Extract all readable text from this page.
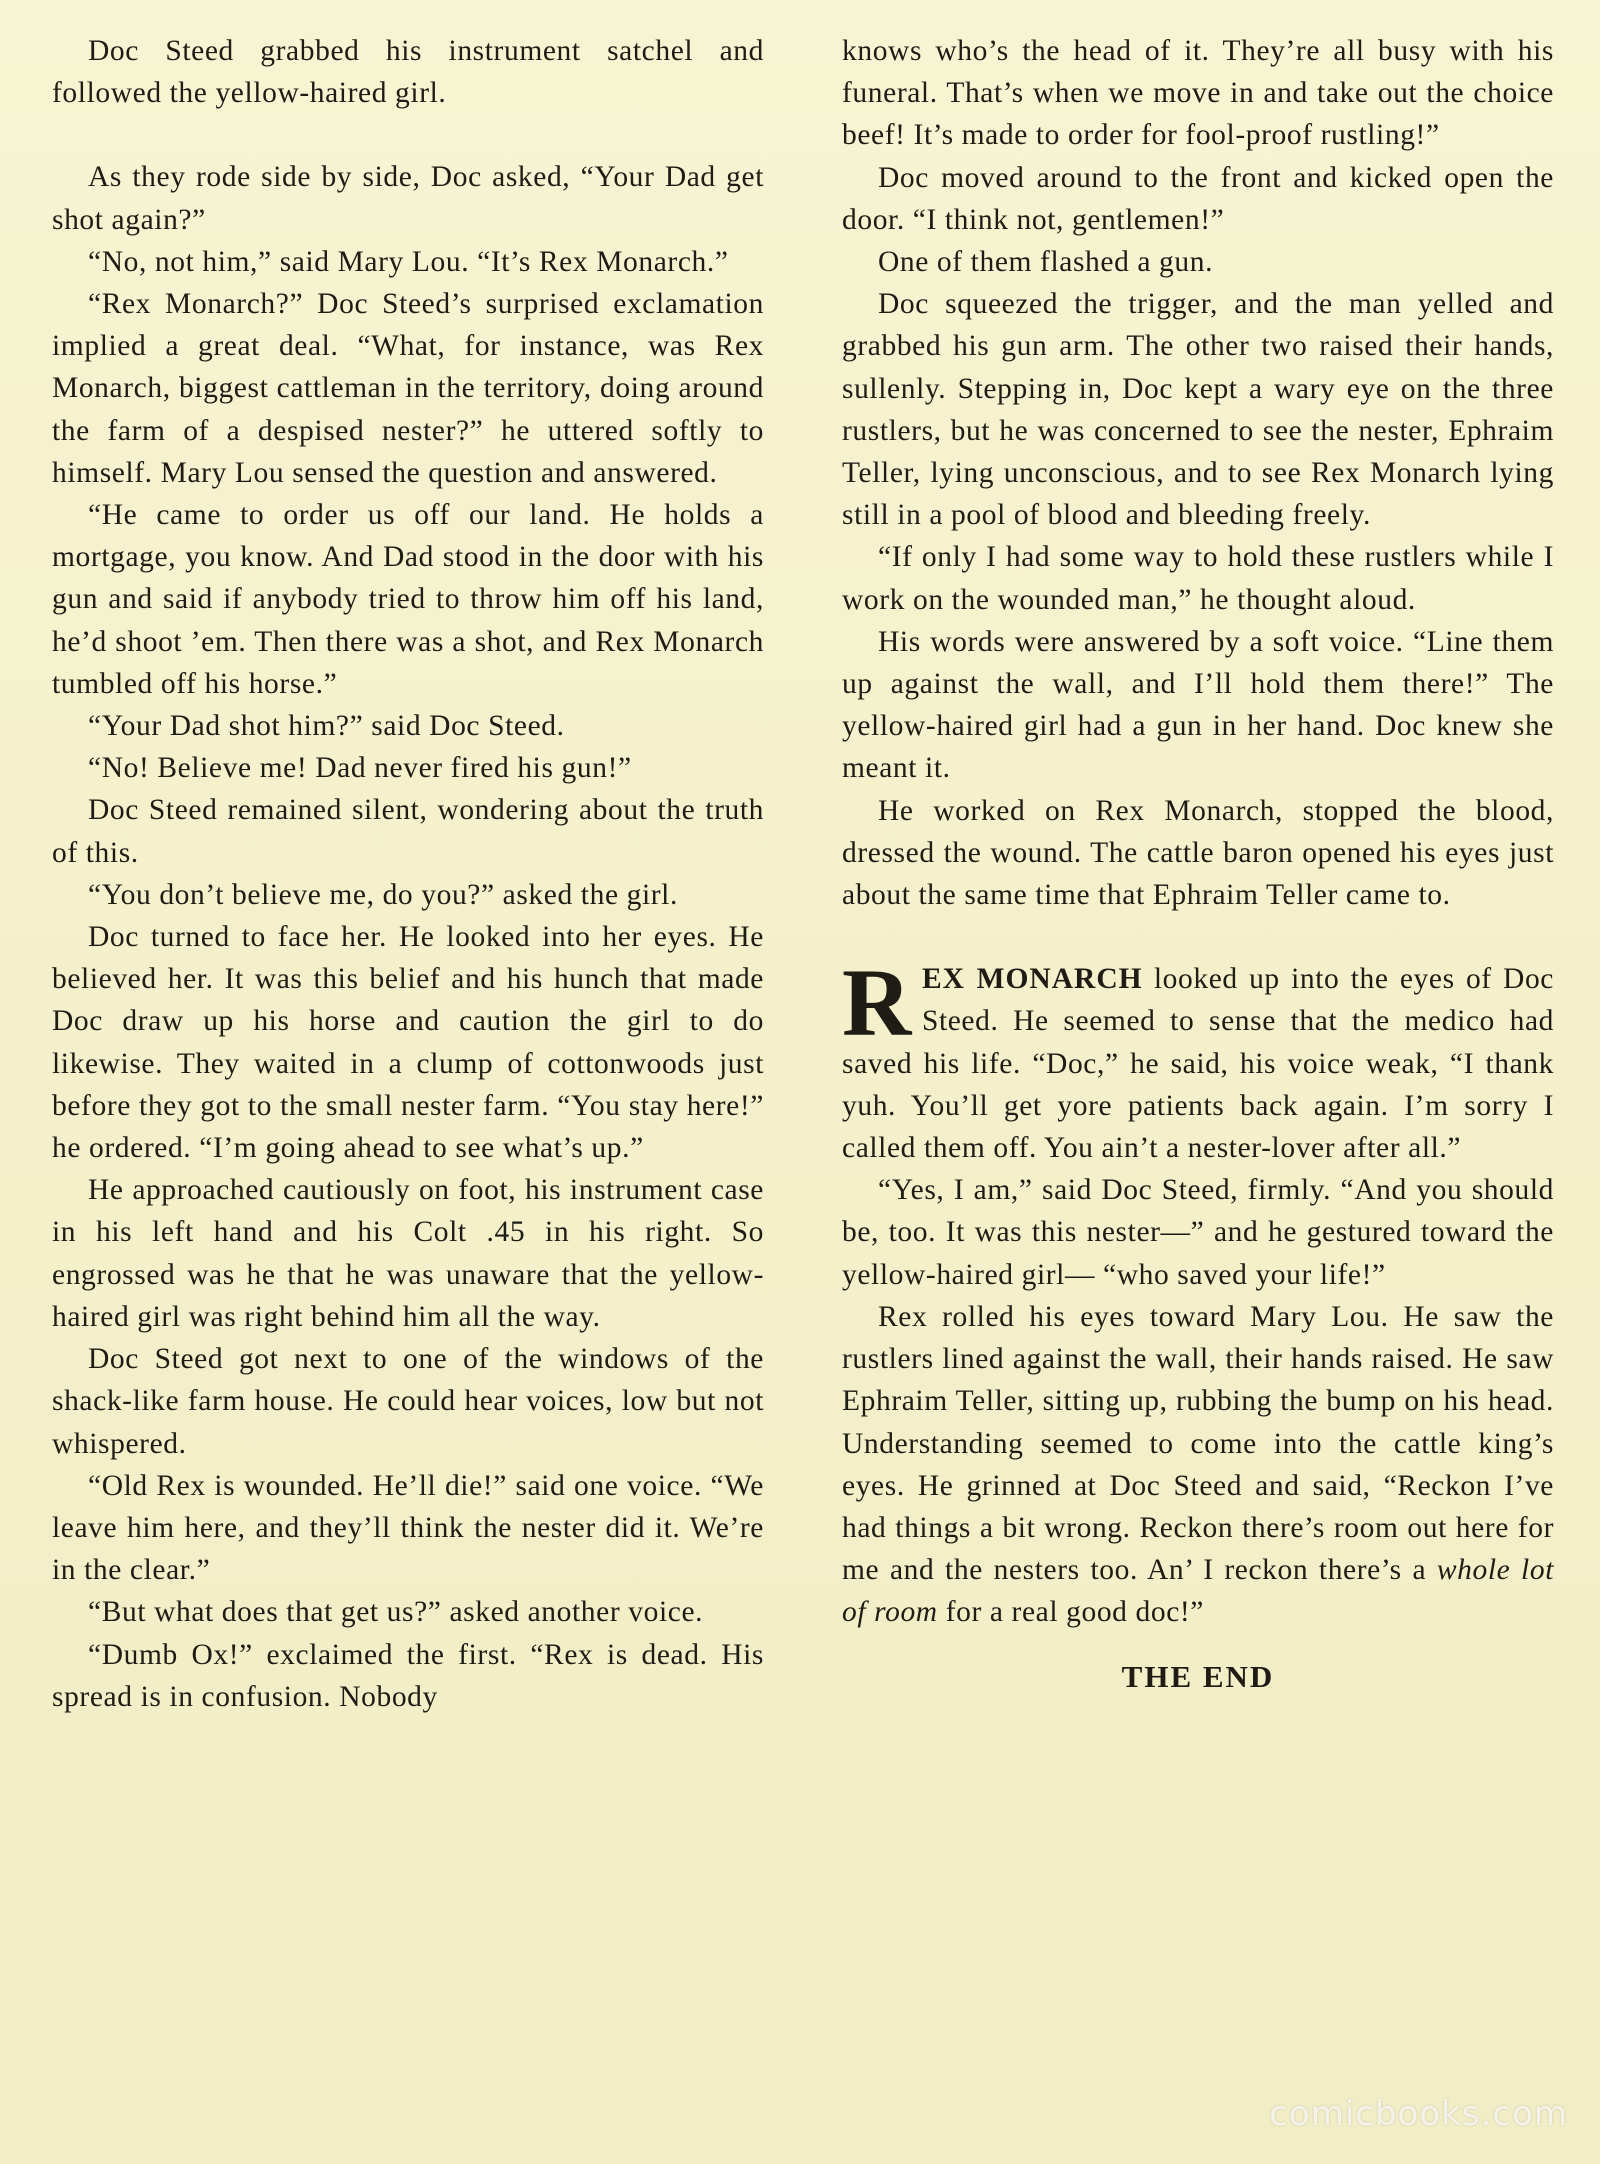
Doc Steed grabbed his instrument satchel and followed the yellow-haired girl.

As they rode side by side, Doc asked, “Your Dad get shot again?”

“No, not him,” said Mary Lou. “It’s Rex Monarch.”

“Rex Monarch?” Doc Steed’s surprised exclamation implied a great deal. “What, for instance, was Rex Monarch, biggest cattleman in the territory, doing around the farm of a despised nester?” he uttered softly to himself. Mary Lou sensed the question and answered.

“He came to order us off our land. He holds a mortgage, you know. And Dad stood in the door with his gun and said if anybody tried to throw him off his land, he’d shoot ’em. Then there was a shot, and Rex Monarch tumbled off his horse.”

“Your Dad shot him?” said Doc Steed.

“No! Believe me! Dad never fired his gun!”

Doc Steed remained silent, wondering about the truth of this.

“You don’t believe me, do you?” asked the girl.

Doc turned to face her. He looked into her eyes. He believed her. It was this belief and his hunch that made Doc draw up his horse and caution the girl to do likewise. They waited in a clump of cottonwoods just before they got to the small nester farm. “You stay here!” he ordered. “I’m going ahead to see what’s up.”

He approached cautiously on foot, his instrument case in his left hand and his Colt .45 in his right. So engrossed was he that he was unaware that the yellow-haired girl was right behind him all the way.

Doc Steed got next to one of the windows of the shack-like farm house. He could hear voices, low but not whispered.

“Old Rex is wounded. He’ll die!” said one voice. “We leave him here, and they’ll think the nester did it. We’re in the clear.”

“But what does that get us?” asked another voice.

“Dumb Ox!” exclaimed the first. “Rex is dead. His spread is in confusion. Nobody

knows who’s the head of it. They’re all busy with his funeral. That’s when we move in and take out the choice beef! It’s made to order for fool-proof rustling!”

Doc moved around to the front and kicked open the door. “I think not, gentlemen!”

One of them flashed a gun.

Doc squeezed the trigger, and the man yelled and grabbed his gun arm. The other two raised their hands, sullenly. Stepping in, Doc kept a wary eye on the three rustlers, but he was concerned to see the nester, Ephraim Teller, lying unconscious, and to see Rex Monarch lying still in a pool of blood and bleeding freely.

“If only I had some way to hold these rustlers while I work on the wounded man,” he thought aloud.

His words were answered by a soft voice. “Line them up against the wall, and I’ll hold them there!” The yellow-haired girl had a gun in her hand. Doc knew she meant it.

He worked on Rex Monarch, stopped the blood, dressed the wound. The cattle baron opened his eyes just about the same time that Ephraim Teller came to.

REX MONARCH looked up into the eyes of Doc Steed. He seemed to sense that the medico had saved his life. “Doc,” he said, his voice weak, “I thank yuh. You’ll get yore patients back again. I’m sorry I called them off. You ain’t a nester-lover after all.”

“Yes, I am,” said Doc Steed, firmly. “And you should be, too. It was this nester—” and he gestured toward the yellow-haired girl— “who saved your life!”

Rex rolled his eyes toward Mary Lou. He saw the rustlers lined against the wall, their hands raised. He saw Ephraim Teller, sitting up, rubbing the bump on his head. Understanding seemed to come into the cattle king’s eyes. He grinned at Doc Steed and said, “Reckon I’ve had things a bit wrong. Reckon there’s room out here for me and the nesters too. An’ I reckon there’s a whole lot of room for a real good doc!”

THE END
comicbooks.com
